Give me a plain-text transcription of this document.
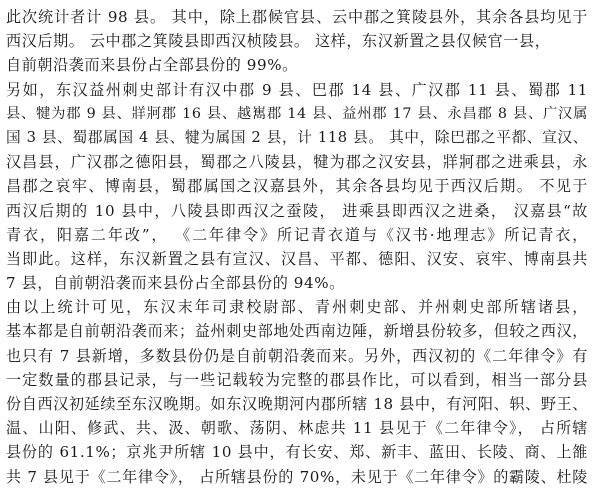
此次统计者计 98 县。 其中，除上郡候官县、云中郡之箕陵县外，其余各县均见于
西汉后期。 云中郡之箕陵县即西汉桢陵县。 这样，东汉新置之县仅候官一县，
自前朝沿袭而来县份占全部县份的 99%。
另如，东汉益州刺史部计有汉中郡 9 县、巴郡 14 县、广汉郡 11 县、蜀郡 11
县、犍为郡 9 县、牂牁郡 16 县、越嶲郡 14 县、益州郡 17 县、永昌郡 8 县、广汉属
国 3 县、蜀郡属国 4 县、犍为属国 2 县，计 118 县。 其中，除巴郡之平都、宣汉、
汉昌县，广汉郡之德阳县，蜀郡之八陵县，犍为郡之汉安县，牂牁郡之进乘县，永
昌郡之哀牢、博南县，蜀郡属国之汉嘉县外，其余各县均见于西汉后期。 不见于
西汉后期的 10 县中，八陵县即西汉之蚕陵， 进乘县即西汉之进桑， 汉嘉县“故
青衣，阳嘉二年改”， 《二年律令》所记青衣道与《汉书·地理志》所记青衣，
当即此。这样，东汉新置之县有宣汉、汉昌、平都、德阳、汉安、哀牢、博南县共
7 县，自前朝沿袭而来县份占全部县份的 94%。
由以上统计可见，东汉末年司隶校尉部、青州刺史部、并州刺史部所辖诸县，
基本都是自前朝沿袭而来；益州刺史部地处西南边陲，新增县份较多，但较之西汉，
也只有 7 县新增，多数县份仍是自前朝沿袭而来。另外，西汉初的《二年律令》有
一定数量的郡县记录，与一些记载较为完整的郡县作比，可以看到，相当一部分县
份自西汉初延续至东汉晚期。如东汉晚期河内郡所辖 18 县中，有河阳、轵、野王、
温、山阳、修武、共、汲、朝歌、荡阴、林虑共 11 县见于《二年律令》， 占所辖
县份的 61.1%；京兆尹所辖 10 县中，有长安、郑、新丰、蓝田、长陵、商、上雒
共 7 县见于《二年律令》， 占所辖县份的 70%，未见于《二年律令》的霸陵、杜陵
